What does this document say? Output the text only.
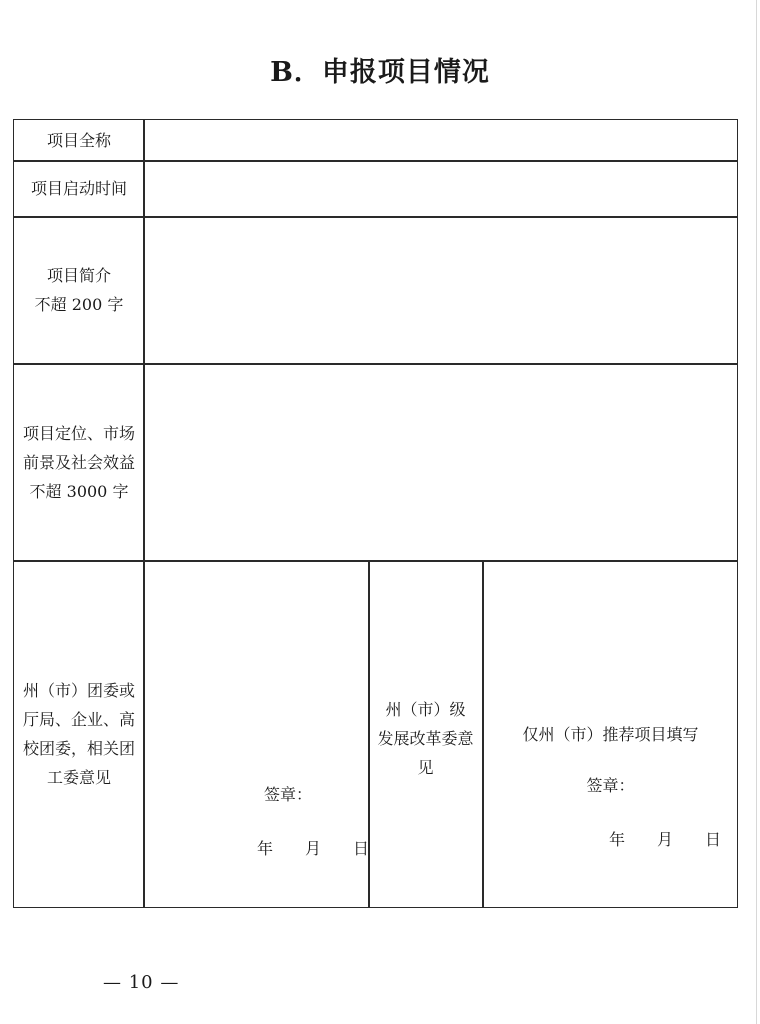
B．申报项目情况
项目全称
项目启动时间
项目简介
不超 200 字
项目定位、市场
前景及社会效益
不超 3000 字
州（市）团委或
厅局、企业、高
校团委，相关团
工委意见
签章：
年　　月　　日
州（市）级
发展改革委意
见
仅州（市）推荐项目填写
签章：
年　　月　　日
— 10 —
